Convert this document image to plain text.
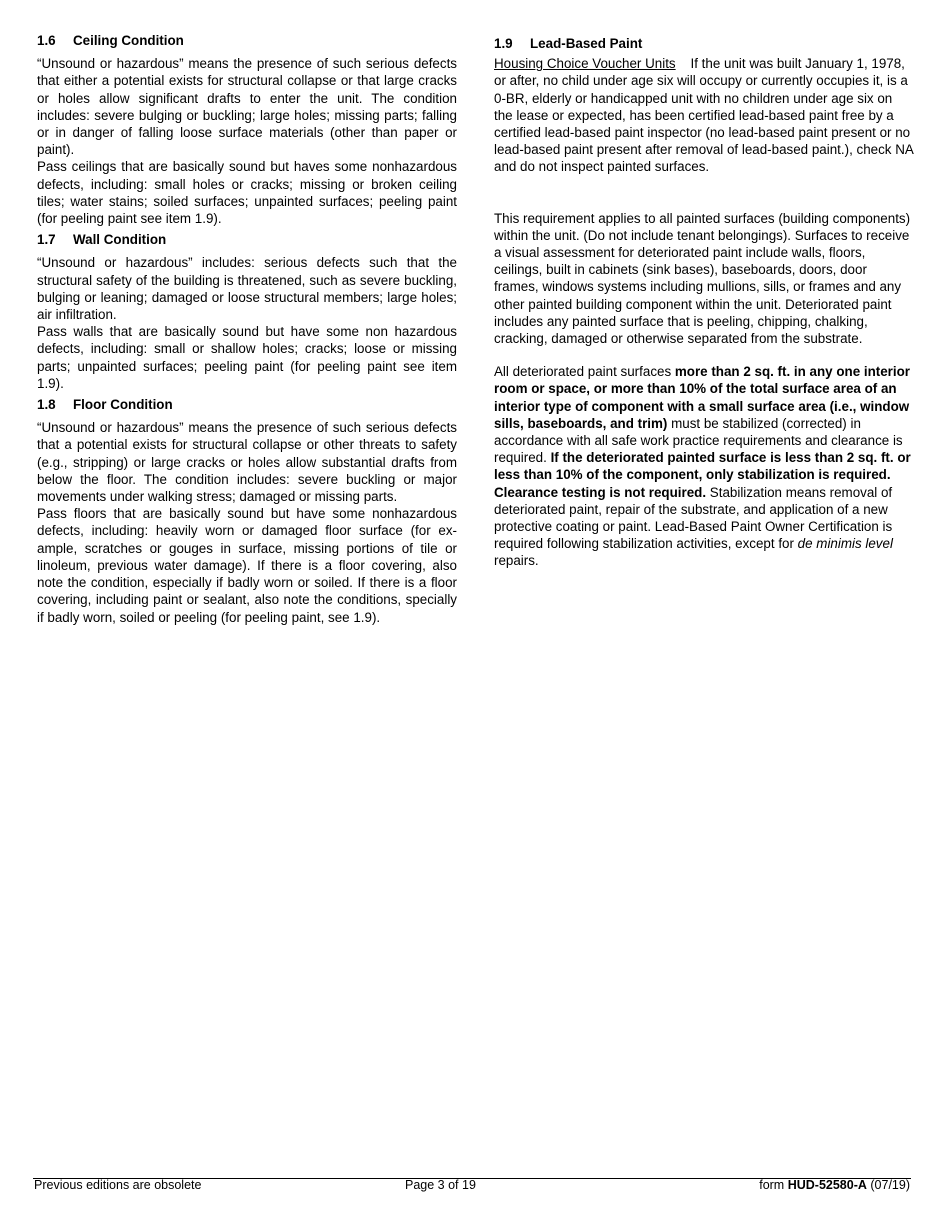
1.6 Ceiling Condition

“Unsound or hazardous” means the presence of such serious defects that either a potential exists for structural collapse or that large cracks or holes allow significant drafts to enter the unit. The condition includes: severe bulging or buckling; large holes; missing parts; falling or in danger of falling loose surface materials (other than paper or paint).

Pass ceilings that are basically sound but haves some nonhazardous defects, including: small holes or cracks; missing or broken ceiling tiles; water stains; soiled surfaces; unpainted surfaces; peeling paint (for peeling paint see item 1.9).

1.7 Wall Condition

“Unsound or hazardous” includes: serious defects such that the structural safety of the building is threatened, such as severe buckling, bulging or leaning; damaged or loose structural members; large holes; air infiltration.

Pass walls that are basically sound but have some non hazardous defects, including: small or shallow holes; cracks; loose or missing parts; unpainted surfaces; peeling paint (for peeling paint see item 1.9).

1.8 Floor Condition

“Unsound or hazardous” means the presence of such serious defects that a potential exists for structural collapse or other threats to safety (e.g., stripping) or large cracks or holes allow substantial drafts from below the floor. The condition includes: severe buckling or major movements under walking stress; damaged or missing parts.

Pass floors that are basically sound but have some nonhazardous defects, including: heavily worn or damaged floor surface (for ex-ample, scratches or gouges in surface, missing portions of tile or linoleum, previous water damage). If there is a floor covering, also note the condition, especially if badly worn or soiled. If there is a floor covering, including paint or sealant, also note the conditions, specially if badly worn, soiled or peeling (for peeling paint, see 1.9).

1.9 Lead-Based Paint

Housing Choice Voucher Units If the unit was built January 1, 1978, or after, no child under age six will occupy or currently occupies it, is a 0-BR, elderly or handicapped unit with no children under age six on the lease or expected, has been certified lead-based paint free by a certified lead-based paint inspector (no lead-based paint present or no lead-based paint present after removal of lead-based paint.), check NA and do not inspect painted surfaces.

This requirement applies to all painted surfaces (building components) within the unit. (Do not include tenant belongings). Surfaces to receive a visual assessment for deteriorated paint include walls, floors, ceilings, built in cabinets (sink bases), baseboards, doors, door frames, windows systems including mullions, sills, or frames and any other painted building component within the unit. Deteriorated paint includes any painted surface that is peeling, chipping, chalking, cracking, damaged or otherwise separated from the substrate.

All deteriorated paint surfaces more than 2 sq. ft. in any one interior room or space, or more than 10% of the total surface area of an interior type of component with a small surface area (i.e., window sills, baseboards, and trim) must be stabilized (corrected) in accordance with all safe work practice requirements and clearance is required. If the deteriorated painted surface is less than 2 sq. ft. or less than 10% of the component, only stabilization is required. Clearance testing is not required. Stabilization means removal of deteriorated paint, repair of the substrate, and application of a new protective coating or paint. Lead-Based Paint Owner Certification is required following stabilization activities, except for de minimis level repairs.

Previous editions are obsolete	Page 3 of 19	form HUD-52580-A (07/19)
